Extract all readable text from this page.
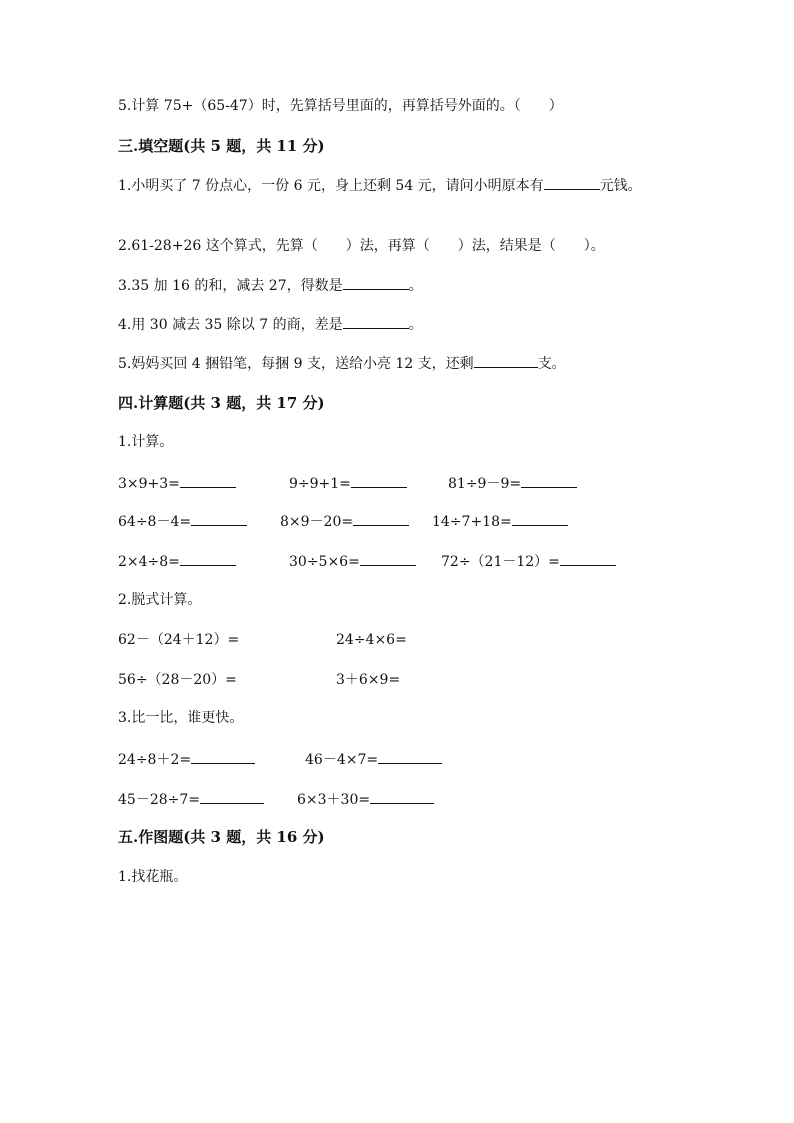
5.计算 75+（65-47）时，先算括号里面的，再算括号外面的。（　　）
三.填空题(共 5 题，共 11 分)
1.小明买了 7 份点心，一份 6 元，身上还剩 54 元，请问小明原本有	元钱。
2.61-28+26 这个算式，先算（　　）法，再算（　　）法，结果是（　　）。
3.35 加 16 的和，减去 27，得数是	。
4.用 30 减去 35 除以 7 的商，差是	。
5.妈妈买回 4 捆铅笔，每捆 9 支，送给小亮 12 支，还剩	支。
四.计算题(共 3 题，共 17 分)
1.计算。
3×9+3=	9÷9+1=	81÷9－9=
64÷8－4=	8×9－20=	14÷7+18=
2×4÷8=	30÷5×6=	72÷（21－12）=
2.脱式计算。
62－（24＋12）=	24÷4×6=
56÷（28－20）=	3＋6×9=
3.比一比，谁更快。
24÷8＋2=	46－4×7=
45－28÷7=	6×3＋30=
五.作图题(共 3 题，共 16 分)
1.找花瓶。
